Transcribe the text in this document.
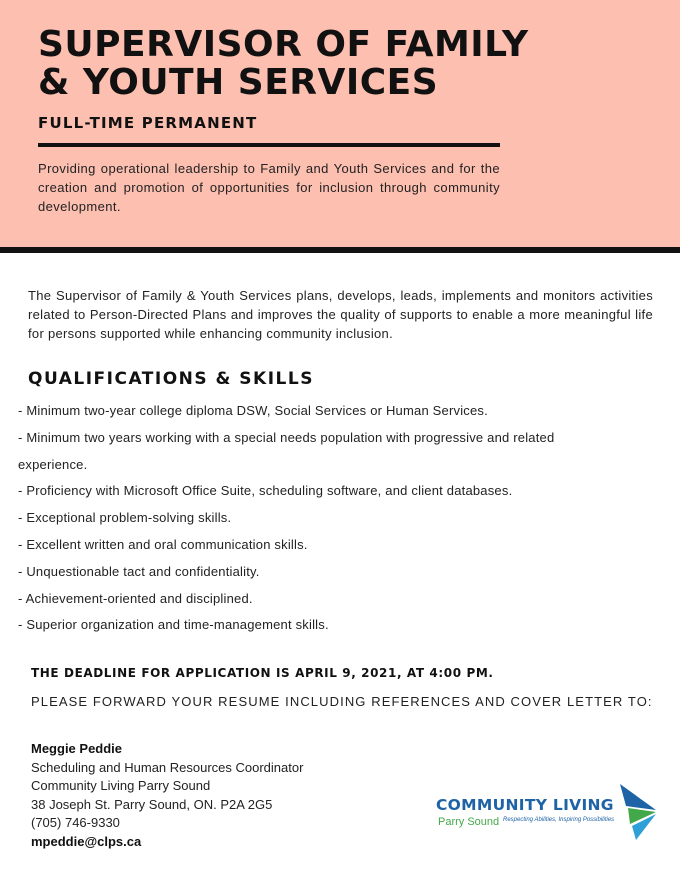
SUPERVISOR OF FAMILY
& YOUTH SERVICES
FULL-TIME PERMANENT

Providing operational leadership to Family and Youth Services and for the creation and promotion of opportunities for inclusion through community development.

The Supervisor of Family & Youth Services plans, develops, leads, implements and monitors activities related to Person-Directed Plans and improves the quality of supports to enable a more meaningful life for persons supported while enhancing community inclusion.

QUALIFICATIONS & SKILLS
- Minimum two-year college diploma DSW, Social Services or Human Services.
- Minimum two years working with a special needs population with progressive and related experience.
- Proficiency with Microsoft Office Suite, scheduling software, and client databases.
- Exceptional problem-solving skills.
- Excellent written and oral communication skills.
- Unquestionable tact and confidentiality.
- Achievement-oriented and disciplined.
- Superior organization and time-management skills.

THE DEADLINE FOR APPLICATION IS APRIL 9, 2021, AT 4:00 PM.

PLEASE FORWARD YOUR RESUME INCLUDING REFERENCES AND COVER LETTER TO:

Meggie Peddie
Scheduling and Human Resources Coordinator
Community Living Parry Sound
38 Joseph St. Parry Sound, ON. P2A 2G5
(705) 746-9330
mpeddie@clps.ca

COMMUNITY LIVING

Parry Sound Respecting Abilities, Inspiring Possibilities
